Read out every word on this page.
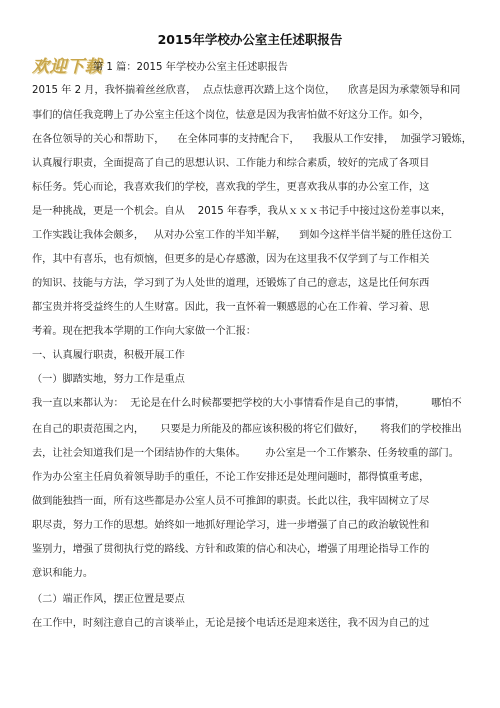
2015年学校办公室主任述职报告
欢迎下载
第 1 篇：2015 年学校办公室主任述职报告
2015 年 2 月，我怀揣着丝丝欣喜，  点点怯意再次踏上这个岗位，    欣喜是因为承蒙领导和同
事们的信任我竞聘上了办公室主任这个岗位，怯意是因为我害怕做不好这分工作。如今，
在各位领导的关心和帮助下，    在全体同事的支持配合下，    我服从工作安排，  加强学习锻炼，
认真履行职责，全面提高了自己的思想认识、工作能力和综合素质，较好的完成了各项目
标任务。凭心而论，我喜欢我们的学校，喜欢我的学生，更喜欢我从事的办公室工作，这
是一种挑战，更是一个机会。自从    2015 年春季，我从ｘｘｘ书记手中接过这份差事以来，
工作实践让我体会颇多，   从对办公室工作的半知半解，    到如今这样半信半疑的胜任这份工
作，其中有喜乐，也有烦恼，但更多的是心存感激，因为在这里我不仅学到了与工作相关
的知识、技能与方法，学习到了为人处世的道理，还锻炼了自己的意志，这是比任何东西
都宝贵并将受益终生的人生财富。因此，我一直怀着一颗感恩的心在工作着、学习着、思
考着。现在把我本学期的工作向大家做一个汇报：
一、认真履行职责，积极开展工作
（一）脚踏实地，努力工作是重点
我一直以来都认为：  无论是在什么时候都要把学校的大小事情看作是自己的事情，        哪怕不
在自己的职责范围之内，     只要是力所能及的都应该积极的将它们做好，     将我们的学校推出
去，让社会知道我们是一个团结协作的大集体。      办公室是一个工作繁杂、任务较重的部门。
作为办公室主任肩负着领导助手的重任，不论工作安排还是处理问题时，都得慎重考虑，
做到能独挡一面，所有这些都是办公室人员不可推卸的职责。长此以往，我牢固树立了尽
职尽责，努力工作的思想。始终如一地抓好理论学习，进一步增强了自己的政治敏锐性和
鉴别力，增强了贯彻执行党的路线、方针和政策的信心和决心，增强了用理论指导工作的
意识和能力。
（二）端正作风，摆正位置是要点
在工作中，时刻注意自己的言谈举止，无论是接个电话还是迎来送往，我不因为自己的过
